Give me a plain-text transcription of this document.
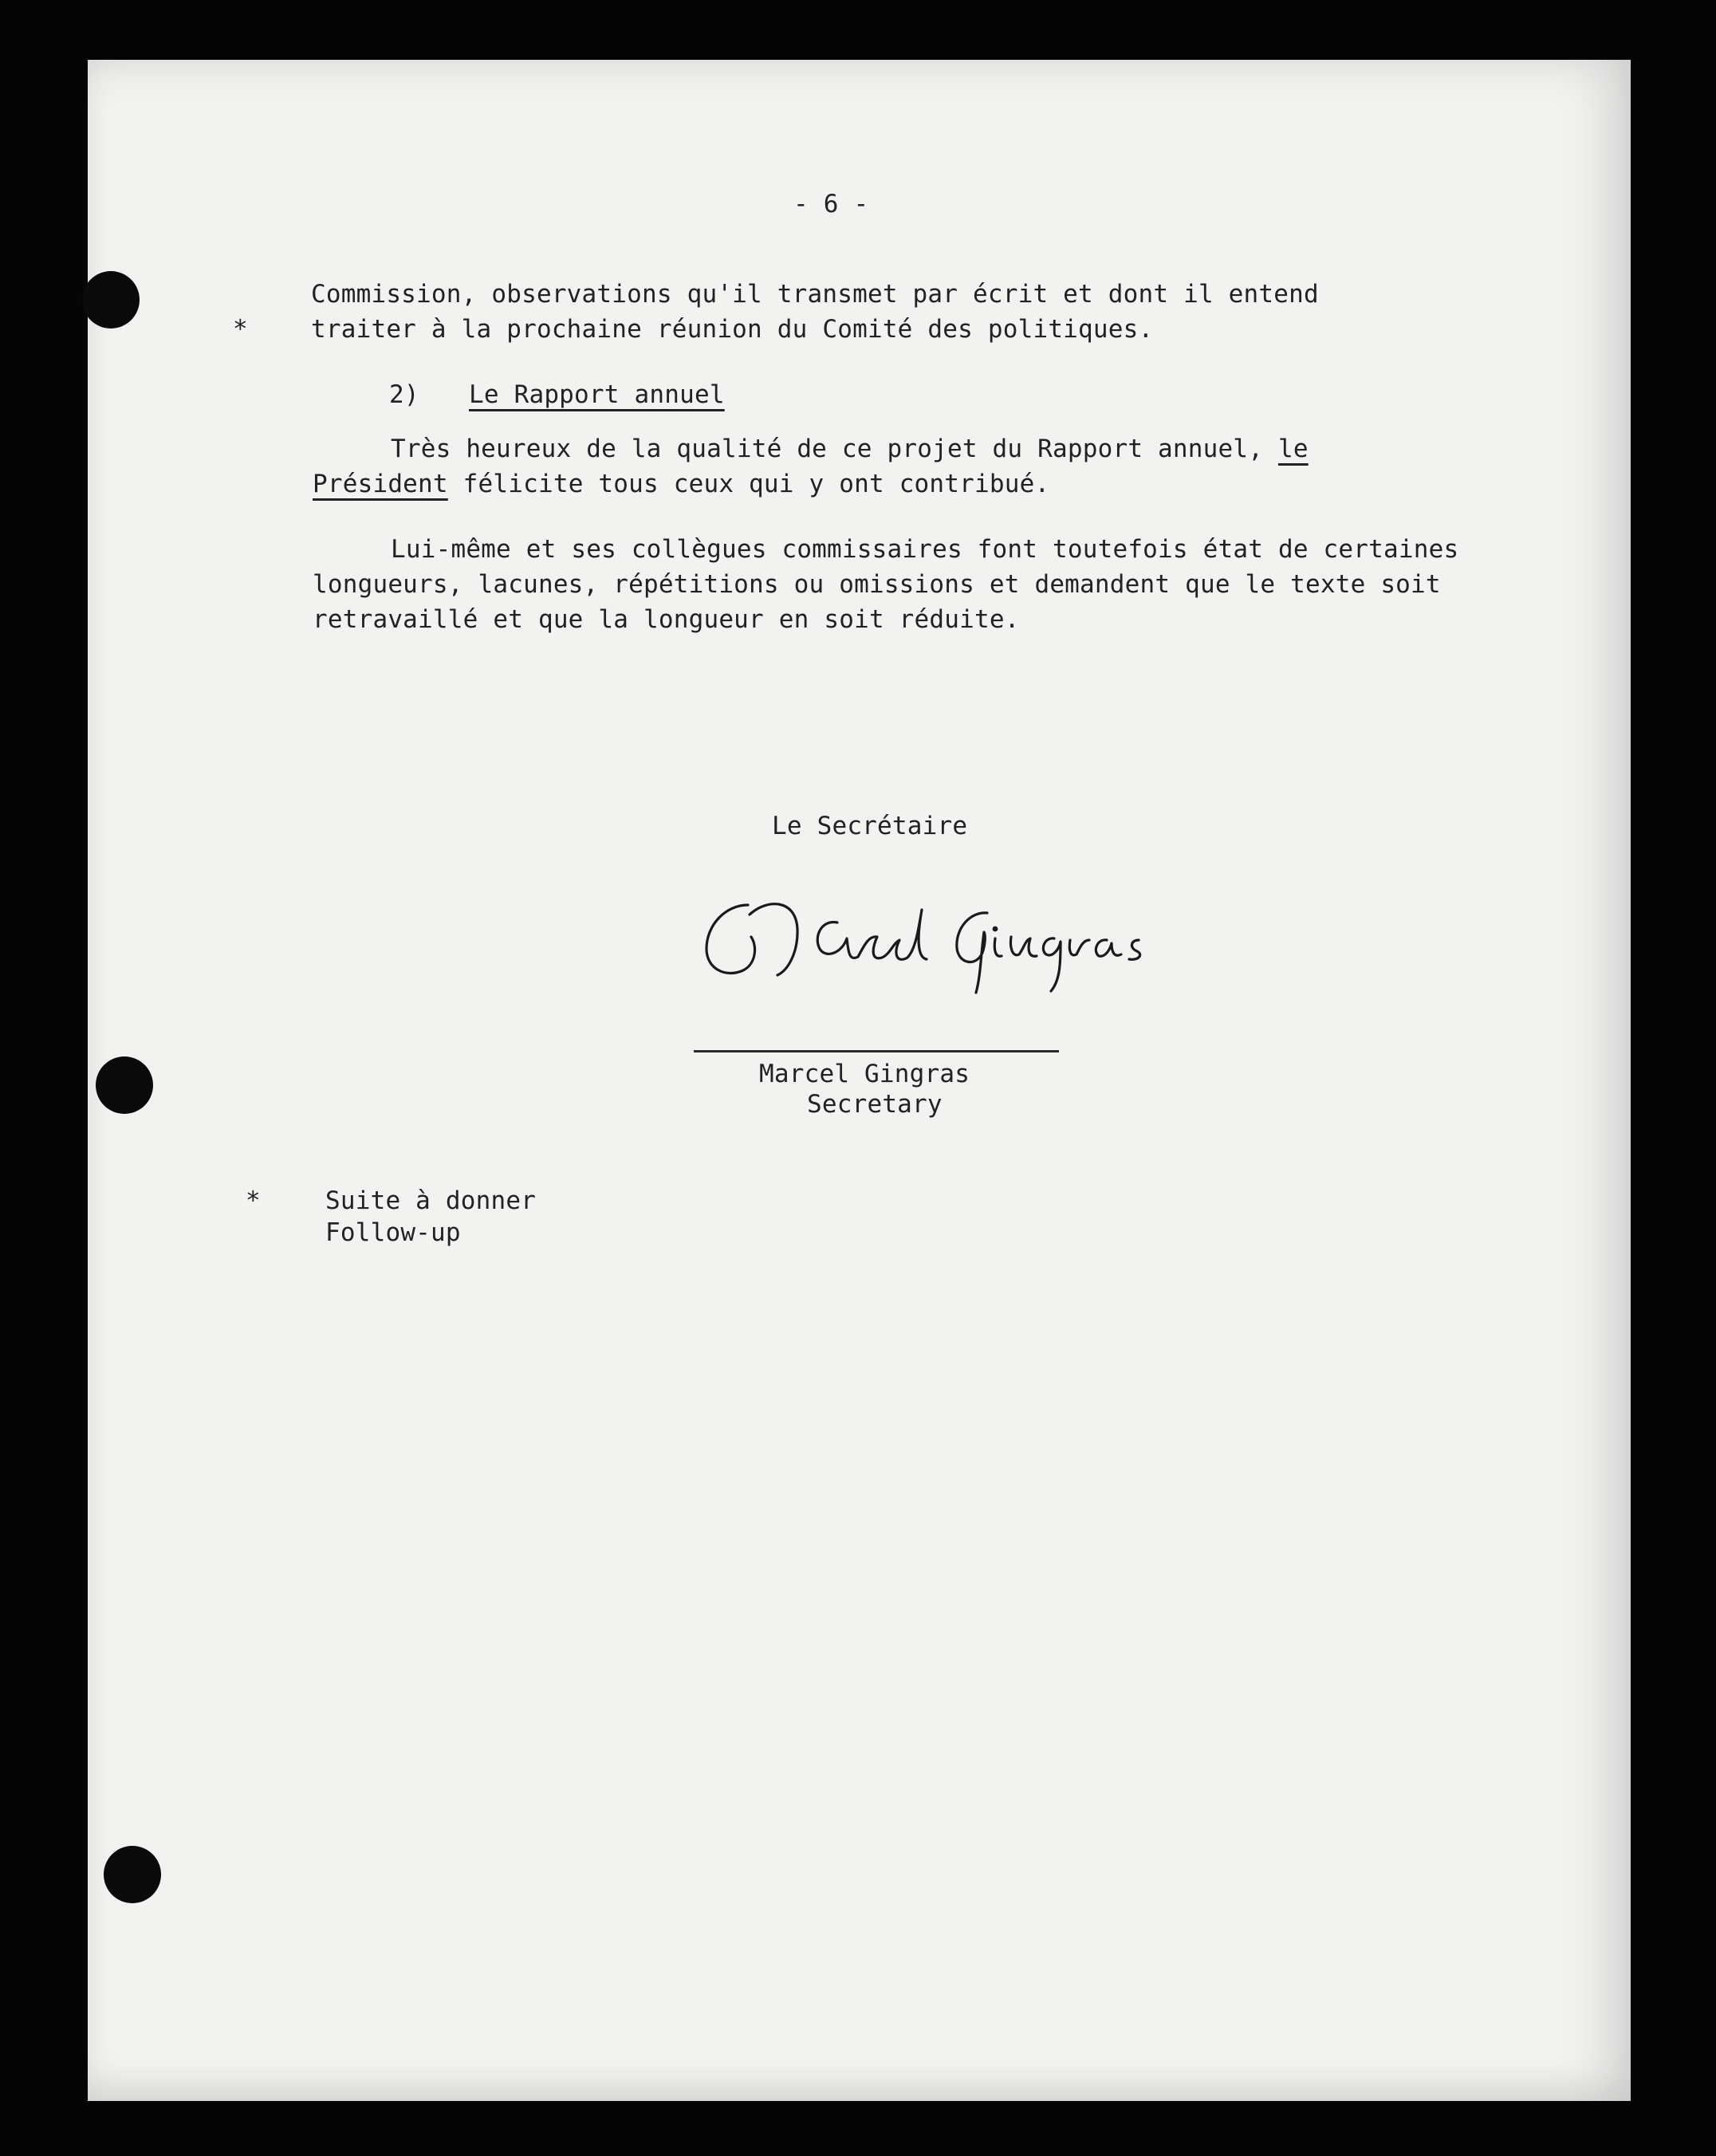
- 6 -
Commission, observations qu'il transmet par écrit et dont il entend
*	traiter à la prochaine réunion du Comité des politiques.
2) Le Rapport annuel
Très heureux de la qualité de ce projet du Rapport annuel, le
Président félicite tous ceux qui y ont contribué.
Lui-même et ses collègues commissaires font toutefois état de certaines
longueurs, lacunes, répétitions ou omissions et demandent que le texte soit
retravaillé et que la longueur en soit réduite.
Le Secrétaire
Marcel Gingras
Secretary
*	Suite à donner
Follow-up
